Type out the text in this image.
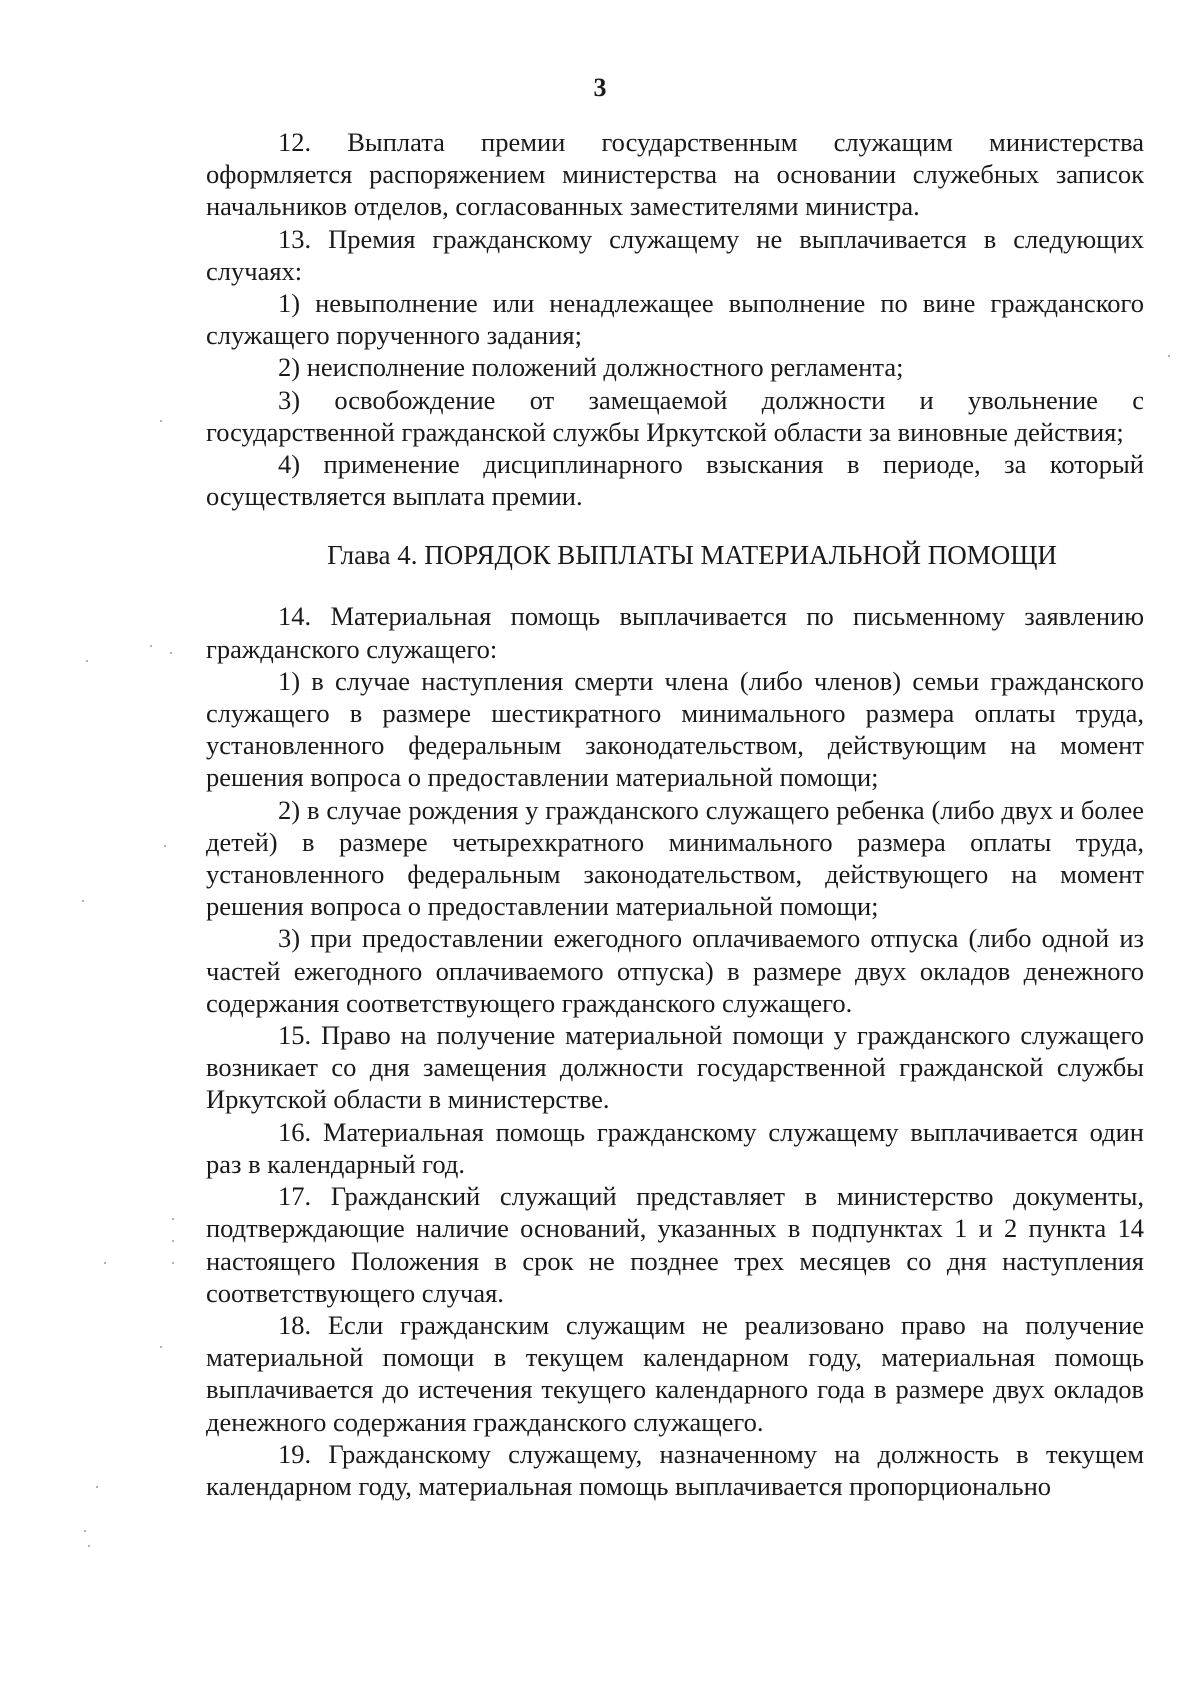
3

12. Выплата премии государственным служащим министерства оформляется распоряжением министерства на основании служебных записок начальников отделов, согласованных заместителями министра.

13. Премия гражданскому служащему не выплачивается в следующих случаях:

1) невыполнение или ненадлежащее выполнение по вине гражданского служащего порученного задания;

2) неисполнение положений должностного регламента;

3) освобождение от замещаемой должности и увольнение с государственной гражданской службы Иркутской области за виновные действия;

4) применение дисциплинарного взыскания в периоде, за который осуществляется выплата премии.

Глава 4. ПОРЯДОК ВЫПЛАТЫ МАТЕРИАЛЬНОЙ ПОМОЩИ

14. Материальная помощь выплачивается по письменному заявлению гражданского служащего:

1) в случае наступления смерти члена (либо членов) семьи гражданского служащего в размере шестикратного минимального размера оплаты труда, установленного федеральным законодательством, действующим на момент решения вопроса о предоставлении материальной помощи;

2) в случае рождения у гражданского служащего ребенка (либо двух и более детей) в размере четырехкратного минимального размера оплаты труда, установленного федеральным законодательством, действующего на момент решения вопроса о предоставлении материальной помощи;

3) при предоставлении ежегодного оплачиваемого отпуска (либо одной из частей ежегодного оплачиваемого отпуска) в размере двух окладов денежного содержания соответствующего гражданского служащего.

15. Право на получение материальной помощи у гражданского служащего возникает со дня замещения должности государственной гражданской службы Иркутской области в министерстве.

16. Материальная помощь гражданскому служащему выплачивается один раз в календарный год.

17. Гражданский служащий представляет в министерство документы, подтверждающие наличие оснований, указанных в подпунктах 1 и 2 пункта 14 настоящего Положения в срок не позднее трех месяцев со дня наступления соответствующего случая.

18. Если гражданским служащим не реализовано право на получение материальной помощи в текущем календарном году, материальная помощь выплачивается до истечения текущего календарного года в размере двух окладов денежного содержания гражданского служащего.

19. Гражданскому служащему, назначенному на должность в текущем календарном году, материальная помощь выплачивается пропорционально
